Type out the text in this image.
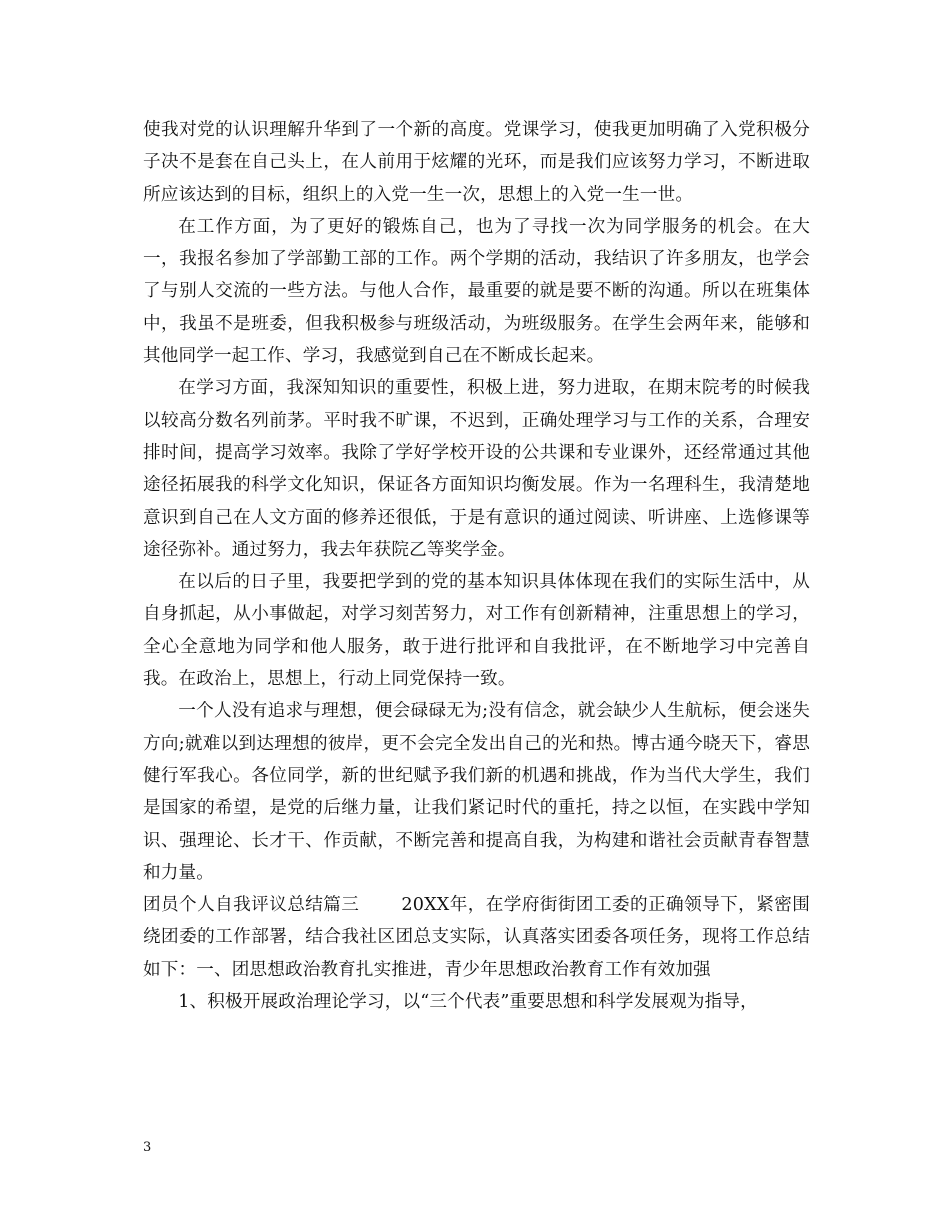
使我对党的认识理解升华到了一个新的高度。党课学习，使我更加明确了入党积极分子决不是套在自己头上，在人前用于炫耀的光环，而是我们应该努力学习，不断进取所应该达到的目标，组织上的入党一生一次，思想上的入党一生一世。

在工作方面，为了更好的锻炼自己，也为了寻找一次为同学服务的机会。在大一，我报名参加了学部勤工部的工作。两个学期的活动，我结识了许多朋友，也学会了与别人交流的一些方法。与他人合作，最重要的就是要不断的沟通。所以在班集体中，我虽不是班委，但我积极参与班级活动，为班级服务。在学生会两年来，能够和其他同学一起工作、学习，我感觉到自己在不断成长起来。

在学习方面，我深知知识的重要性，积极上进，努力进取，在期末院考的时候我以较高分数名列前茅。平时我不旷课，不迟到，正确处理学习与工作的关系，合理安排时间，提高学习效率。我除了学好学校开设的公共课和专业课外，还经常通过其他途径拓展我的科学文化知识，保证各方面知识均衡发展。作为一名理科生，我清楚地意识到自己在人文方面的修养还很低，于是有意识的通过阅读、听讲座、上选修课等途径弥补。通过努力，我去年获院乙等奖学金。

在以后的日子里，我要把学到的党的基本知识具体体现在我们的实际生活中，从自身抓起，从小事做起，对学习刻苦努力，对工作有创新精神，注重思想上的学习，全心全意地为同学和他人服务，敢于进行批评和自我批评，在不断地学习中完善自我。在政治上，思想上，行动上同党保持一致。

一个人没有追求与理想，便会碌碌无为;没有信念，就会缺少人生航标，便会迷失方向;就难以到达理想的彼岸，更不会完全发出自己的光和热。博古通今晓天下，睿思健行军我心。各位同学，新的世纪赋予我们新的机遇和挑战，作为当代大学生，我们是国家的希望，是党的后继力量，让我们紧记时代的重托，持之以恒，在实践中学知识、强理论、长才干、作贡献，不断完善和提高自我，为构建和谐社会贡献青春智慧和力量。

团员个人自我评议总结篇三　　 20XX年，在学府街街团工委的正确领导下，紧密围绕团委的工作部署，结合我社区团总支实际，认真落实团委各项任务，现将工作总结如下：一、团思想政治教育扎实推进，青少年思想政治教育工作有效加强

1、积极开展政治理论学习，以“三个代表”重要思想和科学发展观为指导，

3
